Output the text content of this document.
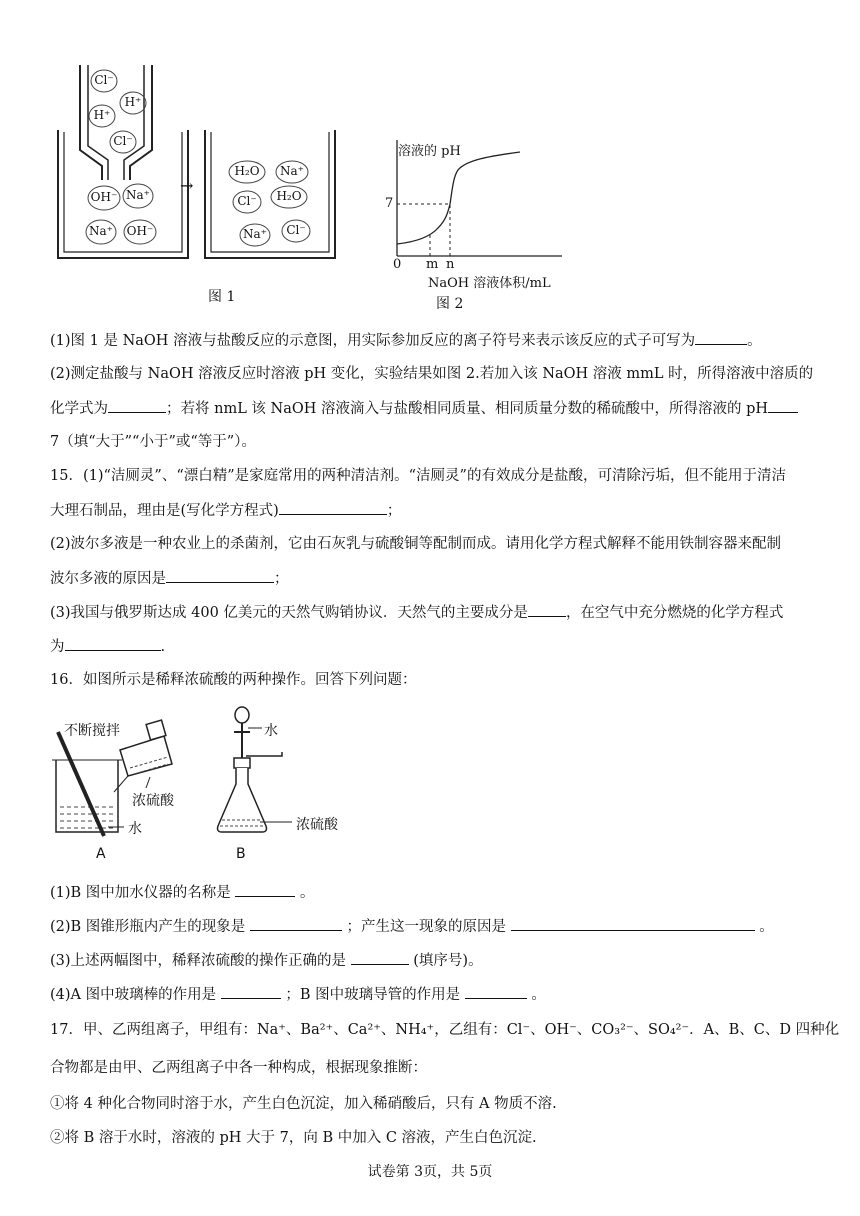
Cl⁻
H⁺
H⁺
Cl⁻
OH⁻ Na⁺
Na⁺ OH⁻
→
H₂O	Na⁺
Cl⁻	H₂O
Na⁺ Cl⁻
图 1
溶液的 pH
7
0 m n
NaOH 溶液体积/mL
图 2
(1)图 1 是 NaOH 溶液与盐酸反应的示意图，用实际参加反应的离子符号来表示该反应的式子可写为	。
(2)测定盐酸与 NaOH 溶液反应时溶液 pH 变化，实验结果如图 2.若加入该 NaOH 溶液 mmL 时，所得溶液中溶质的
化学式为	；若将 nmL 该 NaOH 溶液滴入与盐酸相同质量、相同质量分数的稀硫酸中，所得溶液的 pH
7（填“大于”“小于”或“等于”）。
15．(1)“洁厕灵”、“漂白精”是家庭常用的两种清洁剂。“洁厕灵”的有效成分是盐酸，可清除污垢，但不能用于清洁
大理石制品，理由是(写化学方程式)	；
(2)波尔多液是一种农业上的杀菌剂，它由石灰乳与硫酸铜等配制而成。请用化学方程式解释不能用铁制容器来配制
波尔多液的原因是	；
(3)我国与俄罗斯达成 400 亿美元的天然气购销协议．天然气的主要成分是	，在空气中充分燃烧的化学方程式
为	.
16．如图所示是稀释浓硫酸的两种操作。回答下列问题：
不断搅拌
浓硫酸
水
A
水
浓硫酸
B
(1)B 图中加水仪器的名称是	。
(2)B 图锥形瓶内产生的现象是	；产生这一现象的原因是	。
(3)上述两幅图中，稀释浓硫酸的操作正确的是	(填序号)。
(4)A 图中玻璃棒的作用是	；B 图中玻璃导管的作用是	。
17．甲、乙两组离子，甲组有：Na⁺、Ba²⁺、Ca²⁺、NH₄⁺，乙组有：Cl⁻、OH⁻、CO₃²⁻、SO₄²⁻．A、B、C、D 四种化
合物都是由甲、乙两组离子中各一种构成，根据现象推断：
①将 4 种化合物同时溶于水，产生白色沉淀，加入稀硝酸后，只有 A 物质不溶.
②将 B 溶于水时，溶液的 pH 大于 7，向 B 中加入 C 溶液，产生白色沉淀.
试卷第 3页，共 5页
